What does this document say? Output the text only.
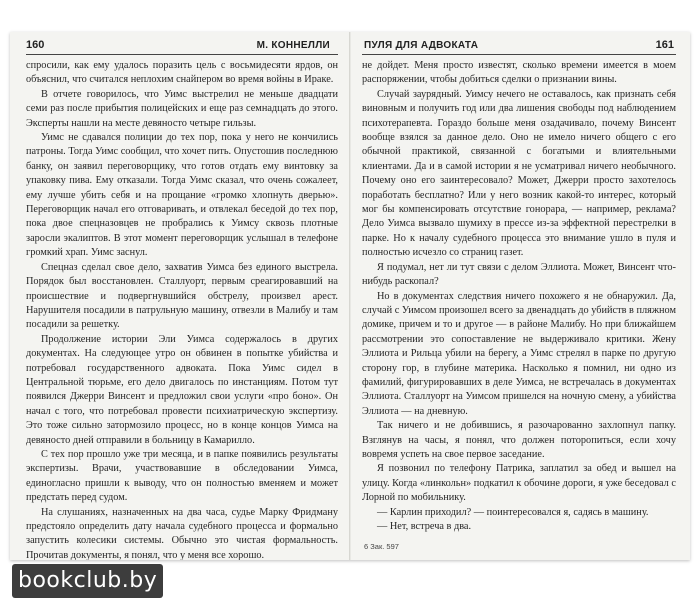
160	М. КОННЕЛЛИ

спросили, как ему удалось поразить цель с восьмидесяти ярдов, он объяснил, что считался неплохим снайпером во время войны в Ираке.

В отчете говорилось, что Уимс выстрелил не меньше двадцати семи раз после прибытия полицейских и еще раз семнадцать до этого. Эксперты нашли на месте девяносто четыре гильзы.

Уимс не сдавался полиции до тех пор, пока у него не кончились патроны. Тогда Уимс сообщил, что хочет пить. Опустошив последнюю банку, он заявил переговорщику, что готов отдать ему винтовку за упаковку пива. Ему отказали. Тогда Уимс сказал, что очень сожалеет, ему лучше убить себя и на прощание «громко хлопнуть дверью». Переговорщик начал его отговаривать, и отвлекал беседой до тех пор, пока двое спецназовцев не пробрались к Уимсу сквозь плотные заросли экалиптов. В этот момент переговорщик услышал в телефоне громкий храп. Уимс заснул.

Спецназ сделал свое дело, захватив Уимса без единого выстрела. Порядок был восстановлен. Сталлуорт, первым среагировавший на происшествие и подвергнувшийся обстрелу, произвел арест. Нарушителя посадили в патрульную машину, отвезли в Малибу и там посадили за решетку.

Продолжение истории Эли Уимса содержалось в других документах. На следующее утро он обвинен в попытке убийства и потребовал государственного адвоката. Пока Уимс сидел в Центральной тюрьме, его дело двигалось по инстанциям. Потом тут появился Джерри Винсент и предложил свои услуги «про боно». Он начал с того, что потребовал провести психиатрическую экспертизу. Это тоже сильно затормозило процесс, но в конце концов Уимса на девяносто дней отправили в больницу в Камарилло.

С тех пор прошло уже три месяца, и в папке появились результаты экспертизы. Врачи, участвовавшие в обследовании Уимса, единогласно пришли к выводу, что он полностью вменяем и может предстать перед судом.

На слушаниях, назначенных на два часа, судье Марку Фридману предстояло определить дату начала судебного процесса и формально запустить колесики системы. Обычно это чистая формальность. Прочитав документы, я понял, что у меня все хорошо.

ПУЛЯ ДЛЯ АДВОКАТА	161

не дойдет. Меня просто известят, сколько времени имеется в моем распоряжении, чтобы добиться сделки о признании вины.

Случай заурядный. Уимсу нечего не оставалось, как признать себя виновным и получить год или два лишения свободы под наблюдением психотерапевта. Гораздо больше меня озадачивало, почему Винсент вообще взялся за данное дело. Оно не имело ничего общего с его обычной практикой, связанной с богатыми и влиятельными клиентами. Да и в самой истории я не усматривал ничего необычного. Почему оно его заинтересовало? Может, Джерри просто захотелось поработать бесплатно? Или у него возник какой-то интерес, который мог бы компенсировать отсутствие гонорара, — например, реклама? Дело Уимса вызвало шумиху в прессе из-за эффектной перестрелки в парке. Но к началу судебного процесса это внимание ушло в пуля и полностью исчезло со страниц газет.

Я подумал, нет ли тут связи с делом Эллиота. Может, Винсент что-нибудь раскопал?

Но в документах следствия ничего похожего я не обнаружил. Да, случай с Уимсом произошел всего за двенадцать до убийств в пляжном домике, причем и то и другое — в районе Малибу. Но при ближайшем рассмотрении это сопоставление не выдерживало критики. Жену Эллиота и Рильца убили на берегу, а Уимс стрелял в парке по другую сторону гор, в глубине материка. Насколько я помнил, ни одно из фамилий, фигурировавших в деле Уимса, не встречалась в документах Эллиота. Сталлуорт на Уимсом пришелся на ночную смену, а убийства Эллиота — на дневную.

Так ничего и не добившись, я разочарованно захлопнул папку. Взглянув на часы, я понял, что должен поторопиться, если хочу вовремя успеть на свое первое заседание.

Я позвонил по телефону Патрика, заплатил за обед и вышел на улицу. Когда «линкольн» подкатил к обочине дороги, я уже беседовал с Лорной по мобильнику.

— Карлин приходил? — поинтересовался я, садясь в машину.

— Нет, встреча в два.

6 Зак. 597
bookclub.by
